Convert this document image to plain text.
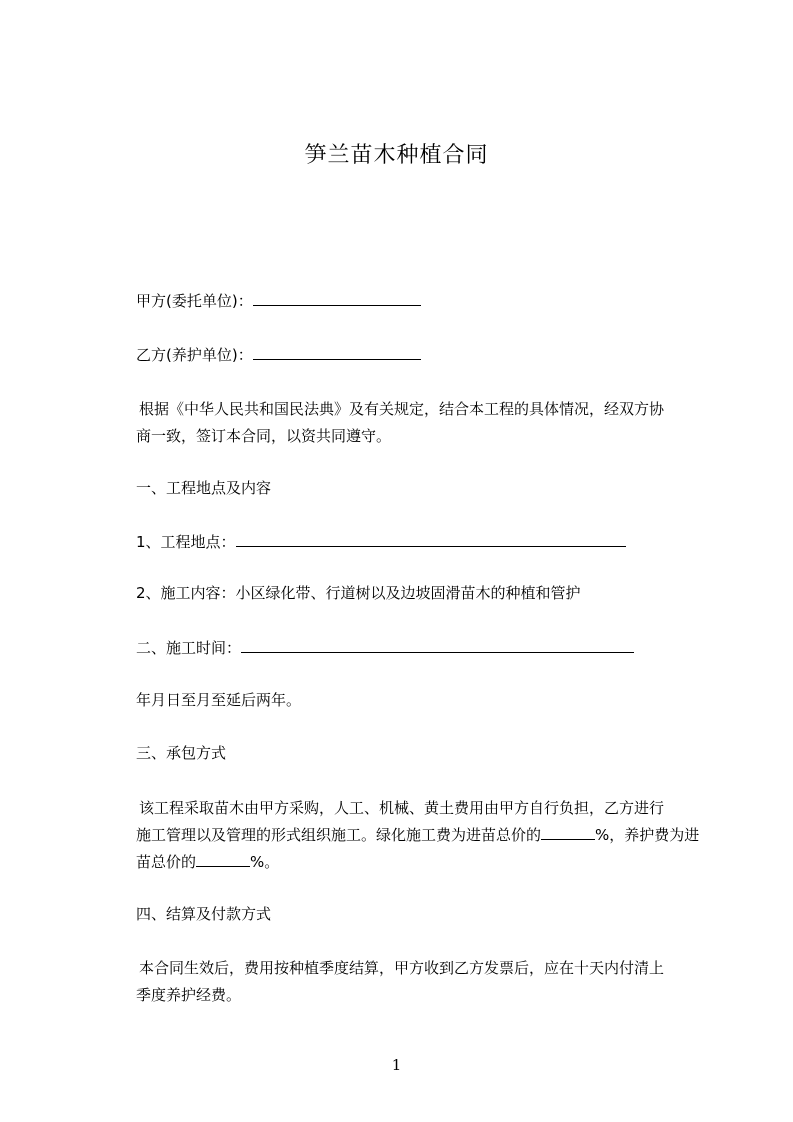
笋兰苗木种植合同
甲方(委托单位)：
乙方(养护单位)：
根据《中华人民共和国民法典》及有关规定，结合本工程的具体情况，经双方协
商一致，签订本合同，以资共同遵守。
一、工程地点及内容
1、工程地点：
2、施工内容：小区绿化带、行道树以及边坡固滑苗木的种植和管护
二、施工时间：
年月日至月至延后两年。
三、承包方式
该工程采取苗木由甲方采购，人工、机械、黄土费用由甲方自行负担，乙方进行
施工管理以及管理的形式组织施工。绿化施工费为进苗总价的	%，养护费为进
苗总价的	%。
四、结算及付款方式
本合同生效后，费用按种植季度结算，甲方收到乙方发票后，应在十天内付清上
季度养护经费。
1
